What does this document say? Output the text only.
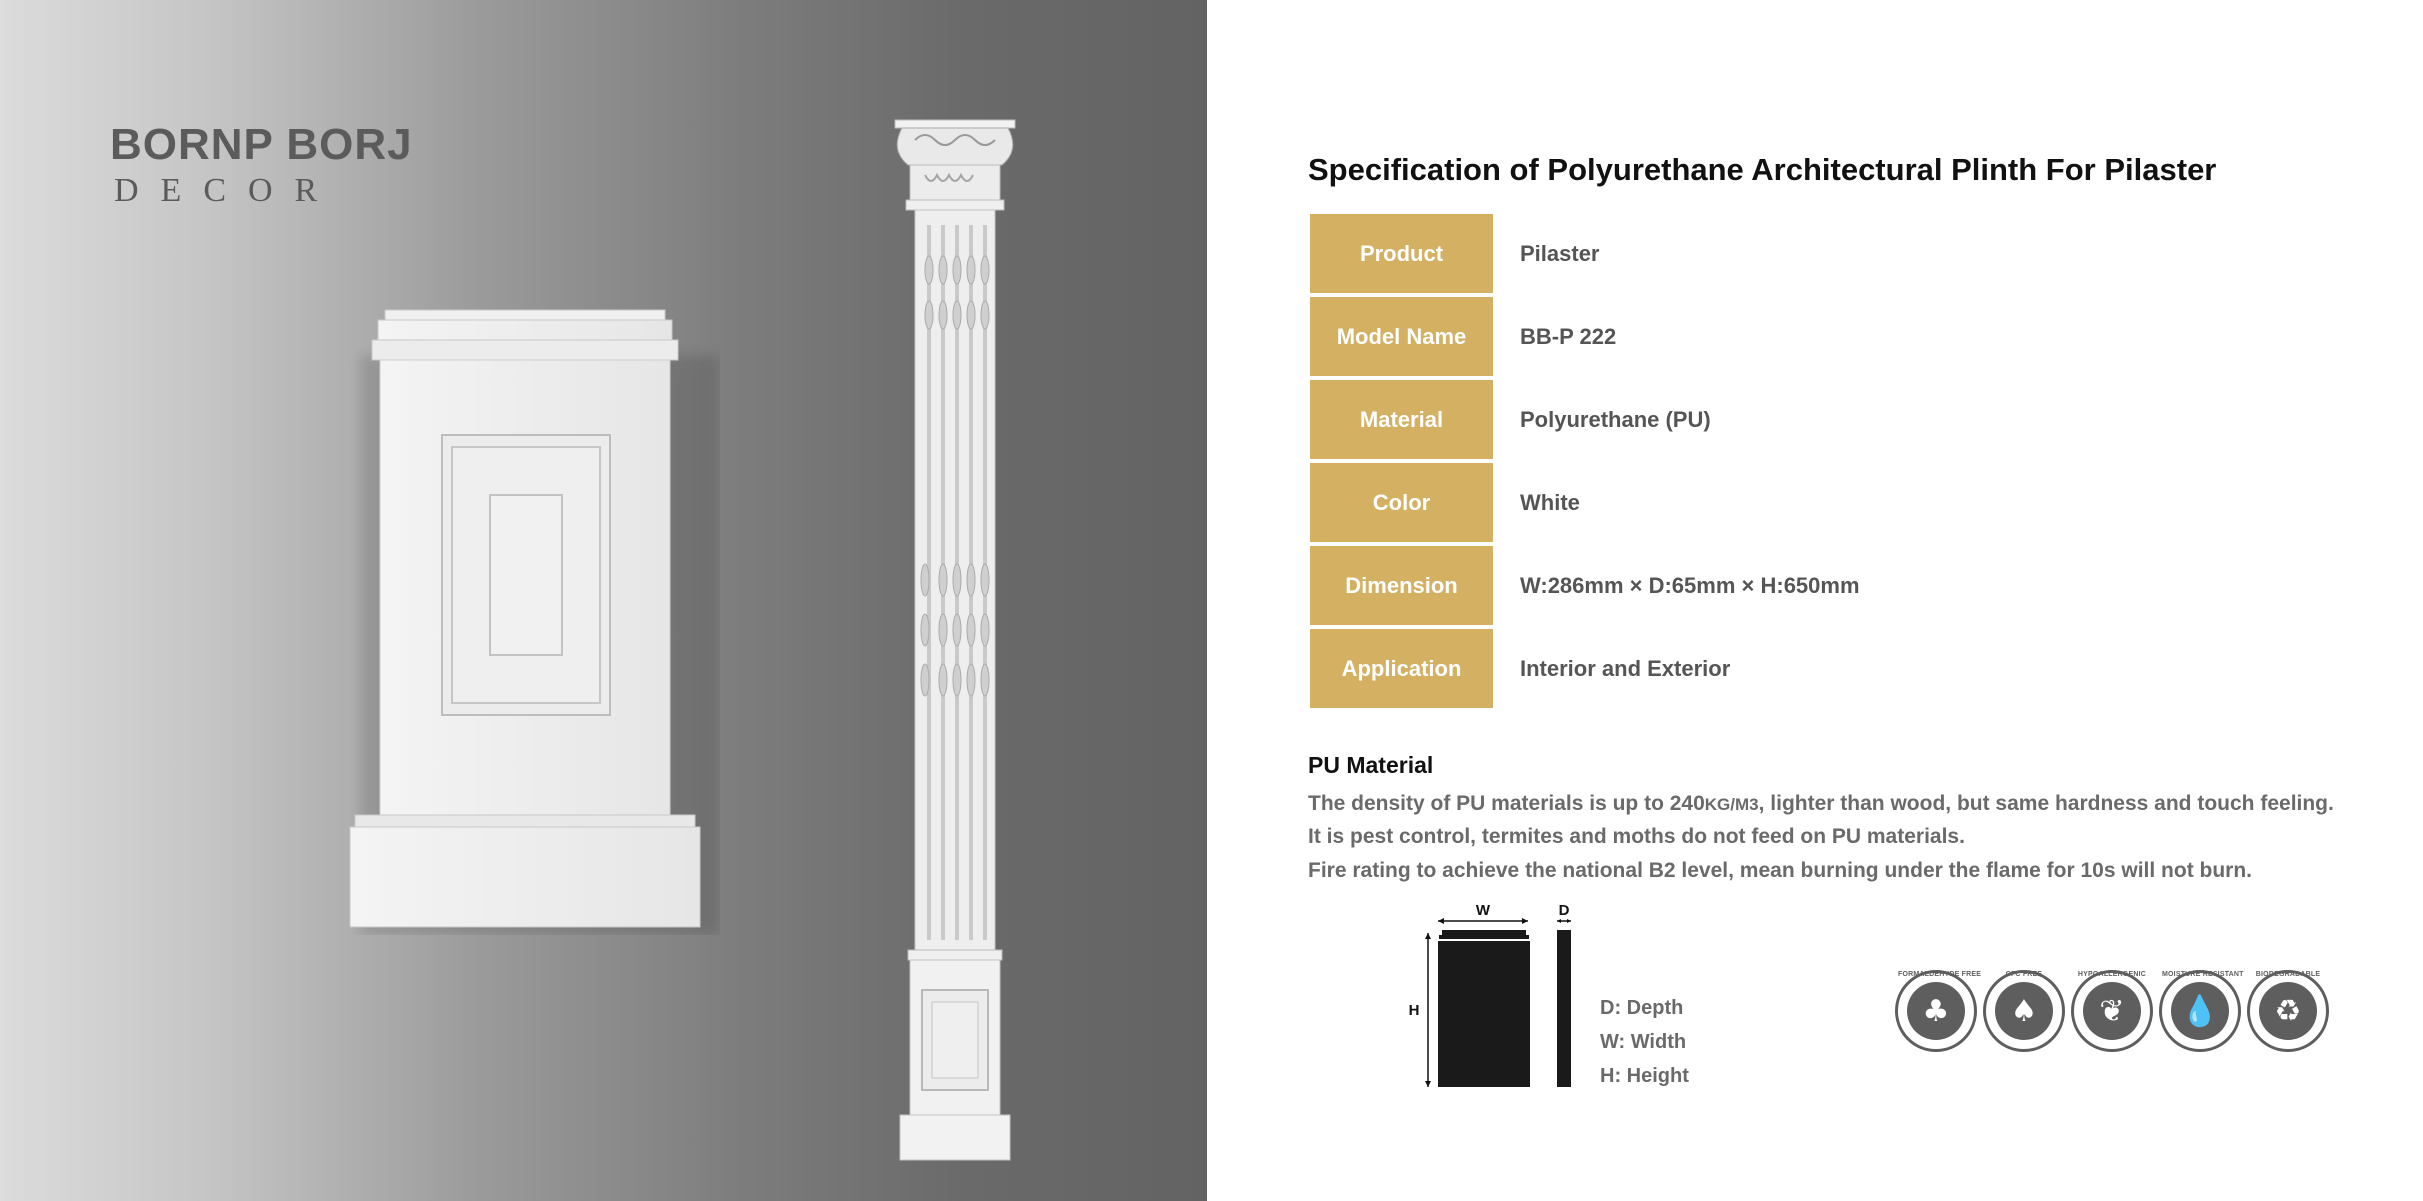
BORNP BORJ
DECOR
Specification of Polyurethane Architectural Plinth For Pilaster
Product	Pilaster
Model Name	BB-P 222
Material	Polyurethane (PU)
Color	White
Dimension	W:286mm × D:65mm × H:650mm
Application	Interior and Exterior
PU Material
The density of PU materials is up to 240KG/M3, lighter than wood, but same hardness and touch feeling.
It is pest control, termites and moths do not feed on PU materials.
Fire rating to achieve the national B2 level, mean burning under the flame for 10s will not burn.
W	D
H	D: Depth
W: Width
H: Height
FORMALDEHYDE FREE
♣
CFC FREE
♠
HYPOALLERGENIC
❦
MOISTURE RESISTANT
💧
BIODEGRADABLE
♻
